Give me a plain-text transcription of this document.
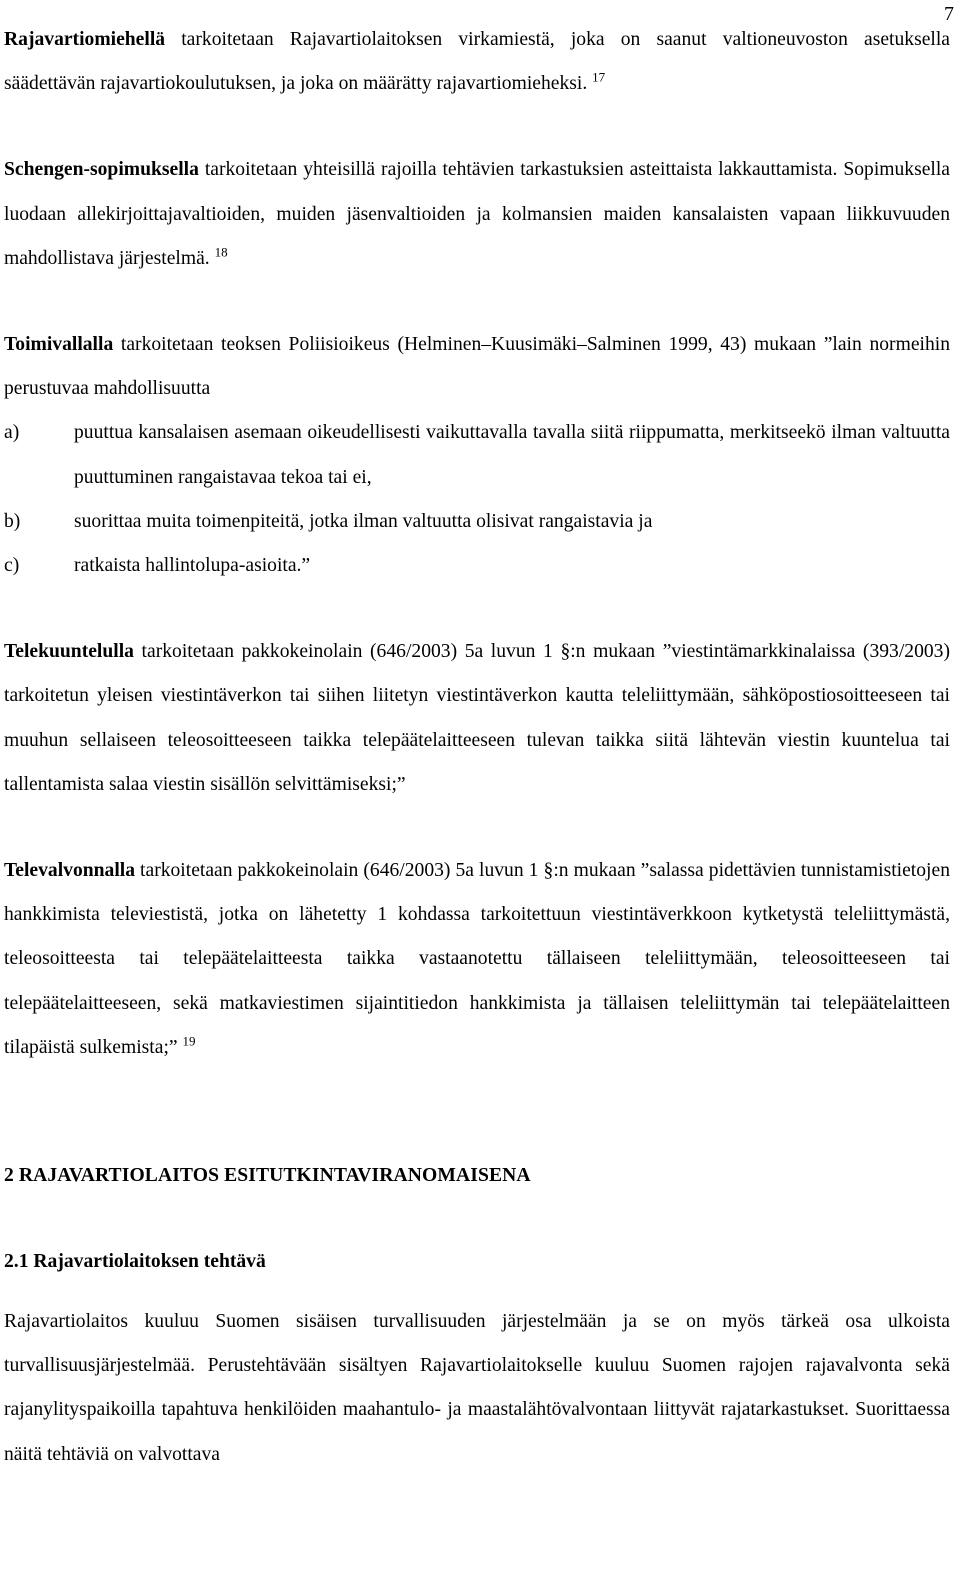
7

Rajavartiomiehellä tarkoitetaan Rajavartiolaitoksen virkamiestä, joka on saanut valtioneuvoston asetuksella säädettävän rajavartiokoulutuksen, ja joka on määrätty rajavartiomieheksi. $^{17}$

Schengen-sopimuksella tarkoitetaan yhteisillä rajoilla tehtävien tarkastuksien asteittaista lakkauttamista. Sopimuksella luodaan allekirjoittajavaltioiden, muiden jäsenvaltioiden ja kolmansien maiden kansalaisten vapaan liikkuvuuden mahdollistava järjestelmä. $^{18}$

Toimivallalla tarkoitetaan teoksen Poliisioikeus (Helminen–Kuusimäki–Salminen 1999, 43) mukaan ”lain normeihin perustuvaa mahdollisuutta

a)	puuttua kansalaisen asemaan oikeudellisesti vaikuttavalla tavalla siitä riippumatta, merkitseekö ilman valtuutta puuttuminen rangaistavaa tekoa tai ei,
b)	suorittaa muita toimenpiteitä, jotka ilman valtuutta olisivat rangaistavia ja
c)	ratkaista hallintolupa-asioita.”

Telekuuntelulla tarkoitetaan pakkokeinolain (646/2003) 5a luvun 1 §:n mukaan ”viestintämarkkinalaissa (393/2003) tarkoitetun yleisen viestintäverkon tai siihen liitetyn viestintäverkon kautta teleliittymään, sähköpostiosoitteeseen tai muuhun sellaiseen teleosoitteeseen taikka telepäätelaitteeseen tulevan taikka siitä lähtevän viestin kuuntelua tai tallentamista salaa viestin sisällön selvittämiseksi;”

Televalvonnalla tarkoitetaan pakkokeinolain (646/2003) 5a luvun 1 §:n mukaan ”salassa pidettävien tunnistamistietojen hankkimista televiestistä, jotka on lähetetty 1 kohdassa tarkoitettuun viestintäverkkoon kytketystä teleliittymästä, teleosoitteesta tai telepäätelaitteesta taikka vastaanotettu tällaiseen teleliittymään, teleosoitteeseen tai telepäätelaitteeseen, sekä matkaviestimen sijaintitiedon hankkimista ja tällaisen teleliittymän tai telepäätelaitteen tilapäistä sulkemista;” $^{19}$

2 RAJAVARTIOLAITOS ESITUTKINTAVIRANOMAISENA
2.1 Rajavartiolaitoksen tehtävä

Rajavartiolaitos kuuluu Suomen sisäisen turvallisuuden järjestelmään ja se on myös tärkeä osa ulkoista turvallisuusjärjestelmää. Perustehtävään sisältyen Rajavartiolaitokselle kuuluu Suomen rajojen rajavalvonta sekä rajanylityspaikoilla tapahtuva henkilöiden maahantulo- ja maastalähtövalvontaan liittyvät rajatarkastukset. Suorittaessa näitä tehtäviä on valvottava
